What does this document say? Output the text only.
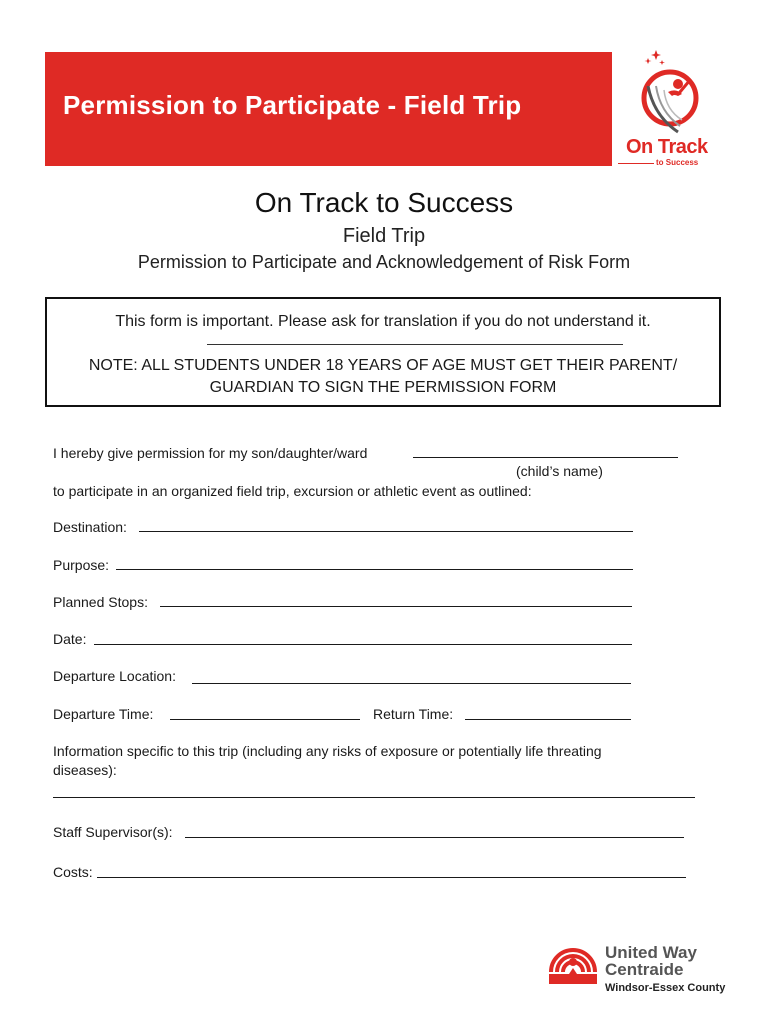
Permission to Participate - Field Trip
On Track
to Success
On Track to Success
Field Trip
Permission to Participate and Acknowledgement of Risk Form
This form is important. Please ask for translation if you do not understand it.
NOTE: ALL STUDENTS UNDER 18 YEARS OF AGE MUST GET THEIR PARENT/
GUARDIAN TO SIGN THE PERMISSION FORM
I hereby give permission for my son/daughter/ward
(child’s name)
to participate in an organized field trip, excursion or athletic event as outlined:
Destination:
Purpose:
Planned Stops:
Date:
Departure Location:
Departure Time:	Return Time:
Information specific to this trip (including any risks of exposure or potentially life threating
diseases):
Staff Supervisor(s):
Costs:
United Way
Centraide
Windsor-Essex County
